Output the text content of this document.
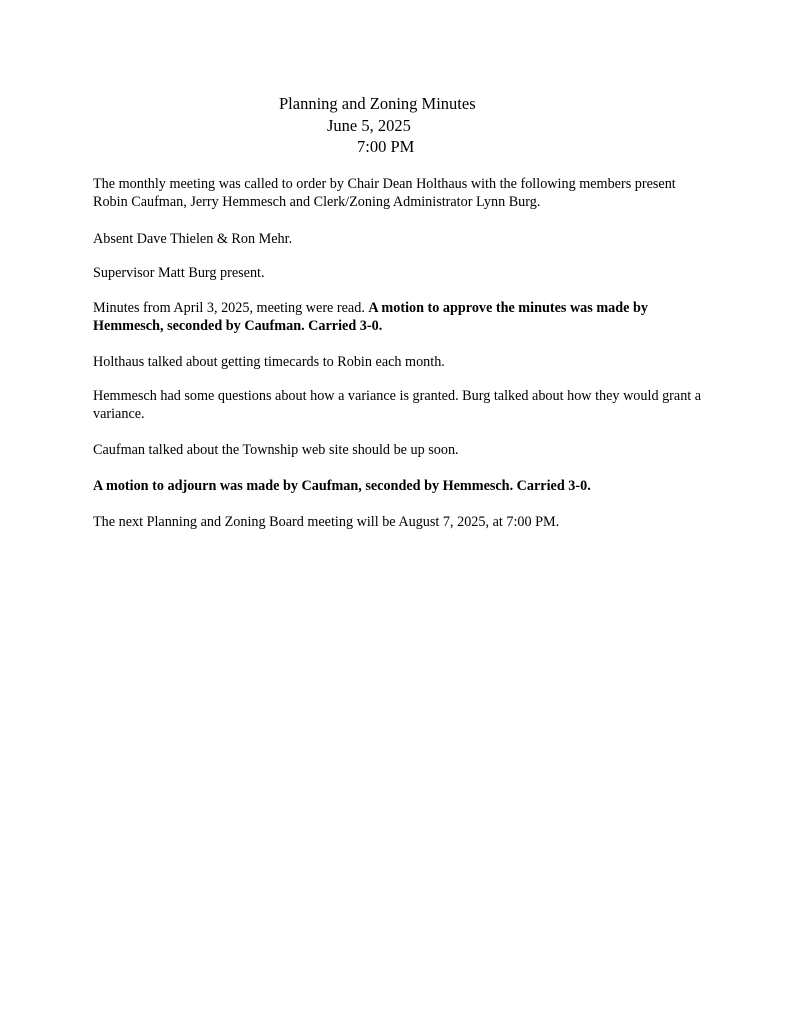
Planning and Zoning Minutes
June 5, 2025
7:00 PM

The monthly meeting was called to order by Chair Dean Holthaus with the following members present Robin Caufman, Jerry Hemmesch and Clerk/Zoning Administrator Lynn Burg.

Absent Dave Thielen & Ron Mehr.

Supervisor Matt Burg present.

Minutes from April 3, 2025, meeting were read. A motion to approve the minutes was made by Hemmesch, seconded by Caufman. Carried 3-0.

Holthaus talked about getting timecards to Robin each month.

Hemmesch had some questions about how a variance is granted. Burg talked about how they would grant a variance.

Caufman talked about the Township web site should be up soon.

A motion to adjourn was made by Caufman, seconded by Hemmesch. Carried 3-0.

The next Planning and Zoning Board meeting will be August 7, 2025, at 7:00 PM.
